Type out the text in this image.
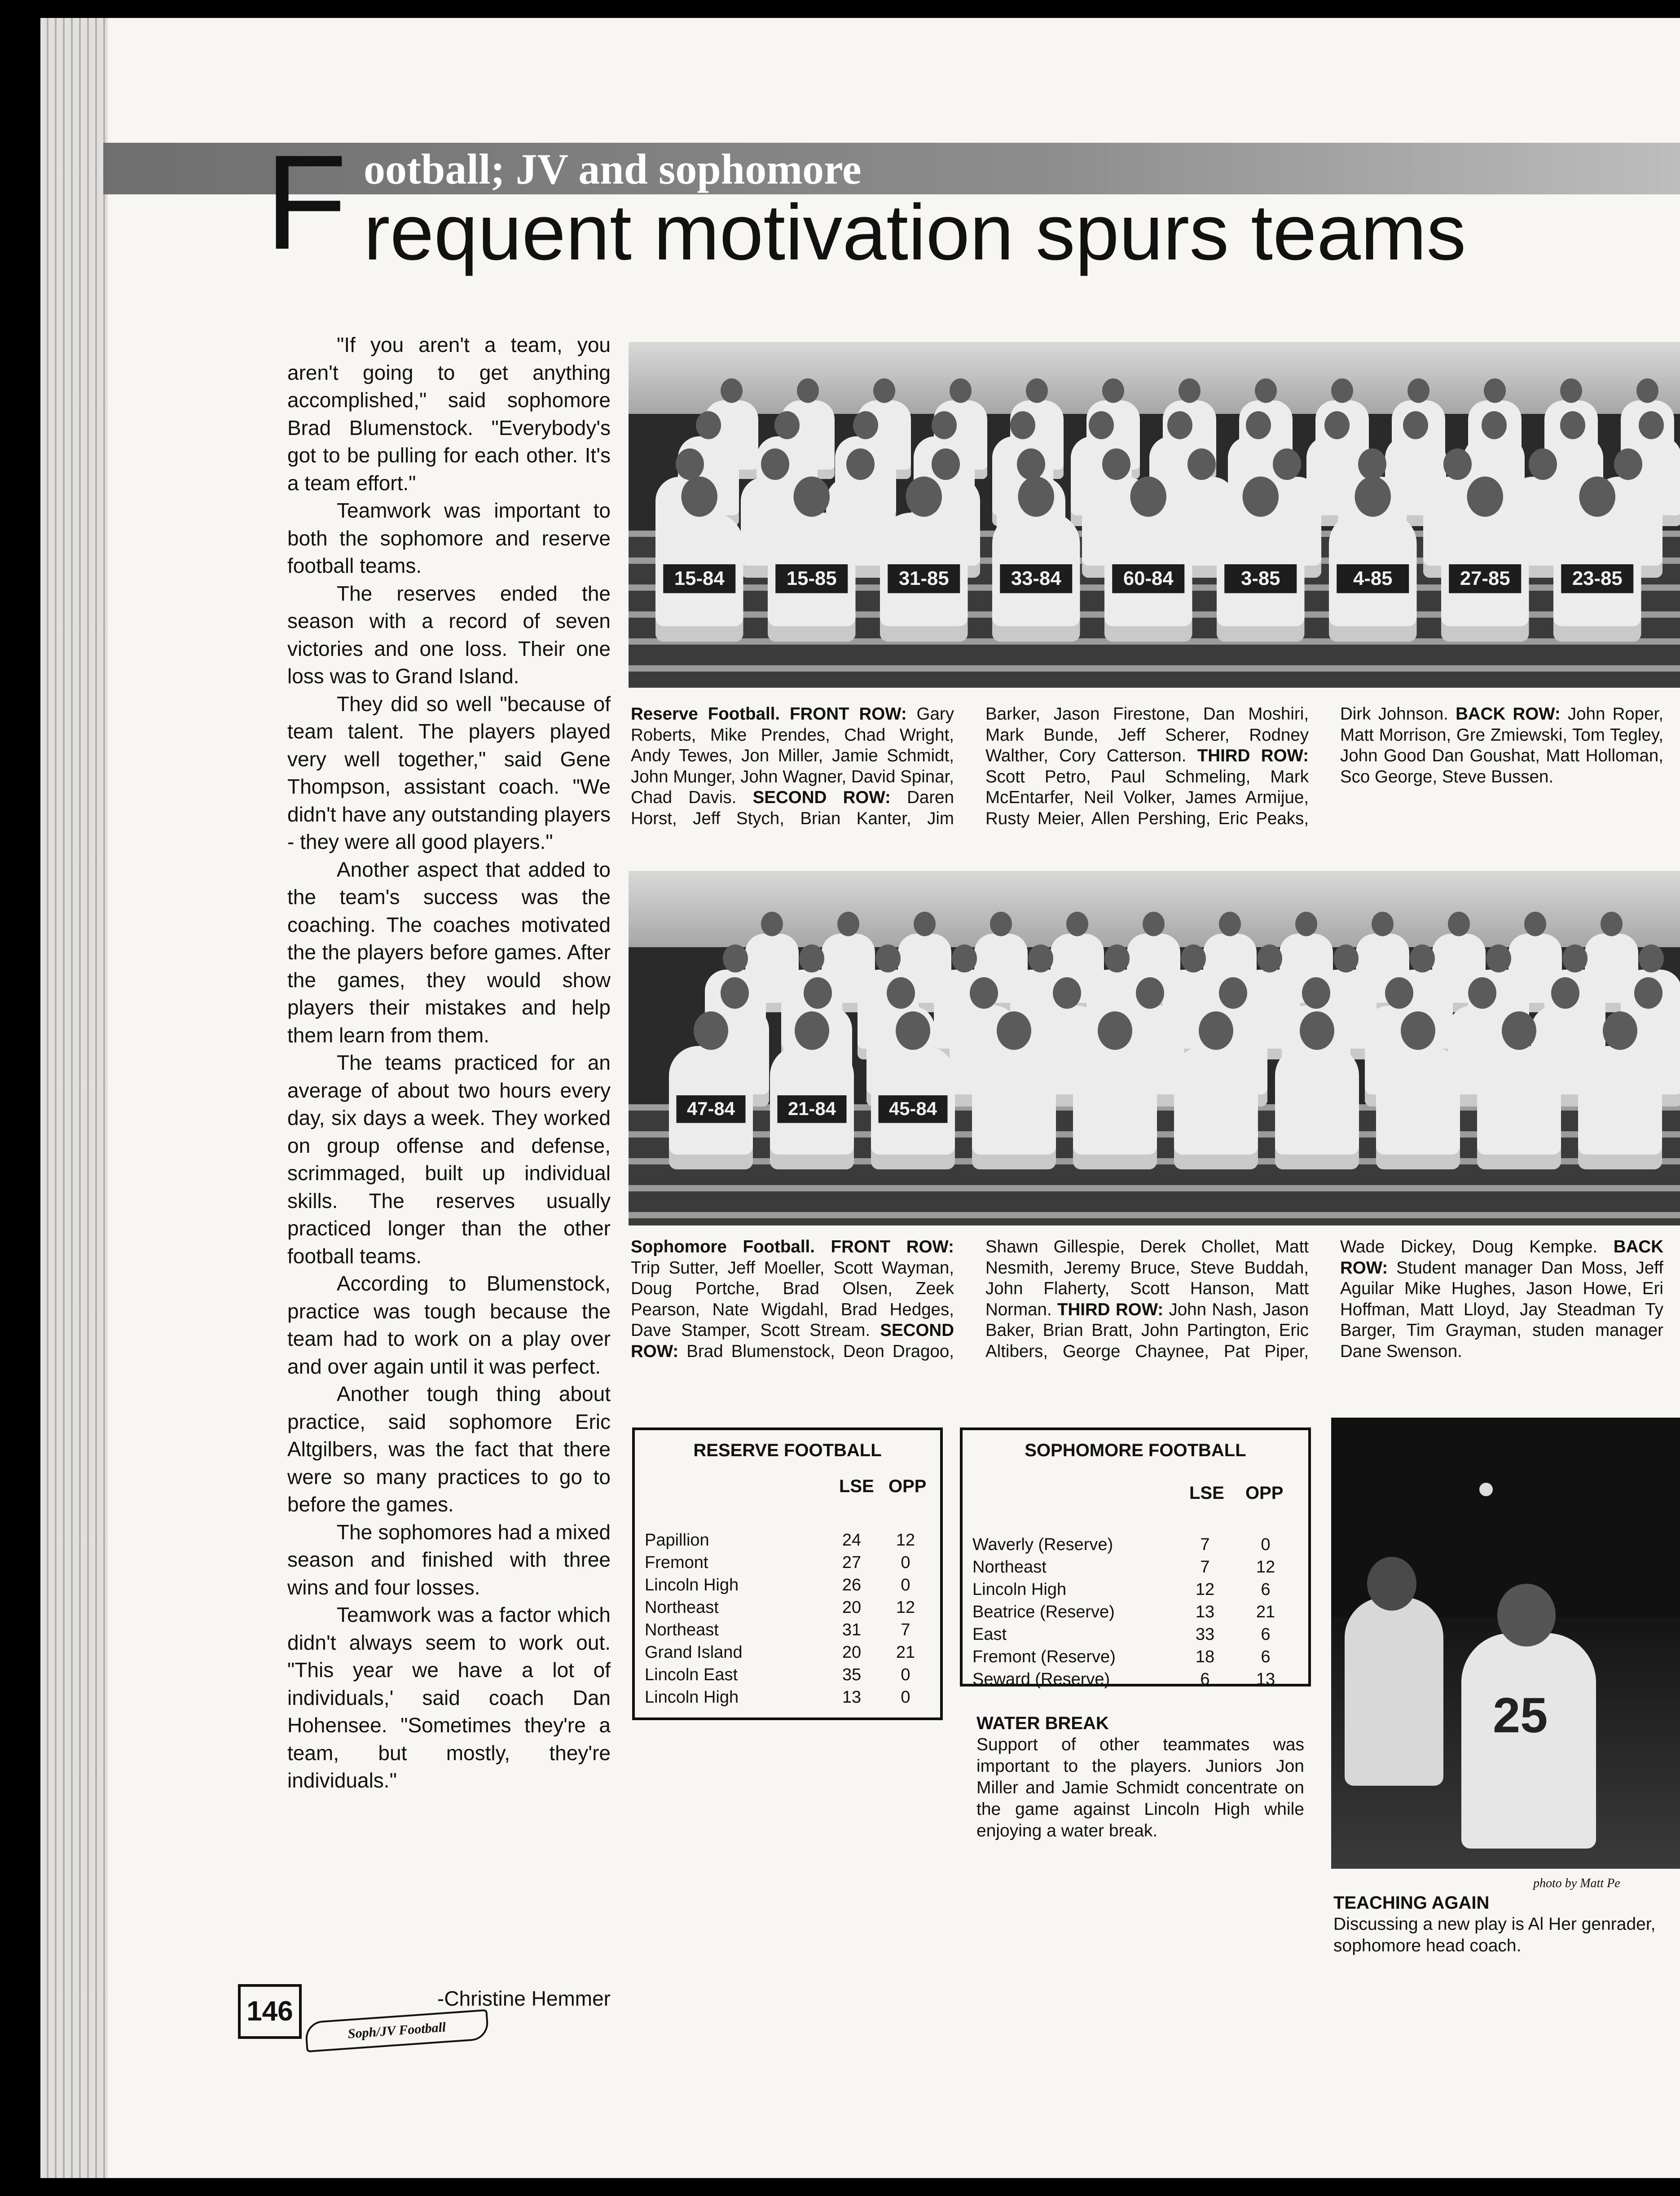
F ootball; JV and sophomore
requent motivation spurs teams

"If you aren't a team, you aren't going to get anything accomplished," said sophomore Brad Blumenstock. "Everybody's got to be pulling for each other. It's a team effort."

Teamwork was important to both the sophomore and reserve football teams.

The reserves ended the season with a record of seven victories and one loss. Their one loss was to Grand Island.

They did so well "because of team talent. The players played very well together," said Gene Thompson, assistant coach. "We didn't have any outstanding players - they were all good players."

Another aspect that added to the team's success was the coaching. The coaches motivated the the players before games. After the games, they would show players their mistakes and help them learn from them.

The teams practiced for an average of about two hours every day, six days a week. They worked on group offense and defense, scrimmaged, built up individual skills. The reserves usually practiced longer than the other football teams.

According to Blumenstock, practice was tough because the team had to work on a play over and over again until it was perfect.

Another tough thing about practice, said sophomore Eric Altgilbers, was the fact that there were so many practices to go to before the games.

The sophomores had a mixed season and finished with three wins and four losses.

Teamwork was a factor which didn't always seem to work out. "This year we have a lot of individuals,' said coach Dan Hohensee. "Sometimes they're a team, but mostly, they're individuals."

-Christine Hemmer
146
Soph/JV Football
15-84	15-85	31-85	33-84	60-84	3-85	4-85	27-85	23-85
Reserve Football. FRONT ROW: Gary Roberts, Mike Prendes, Chad Wright, Andy Tewes, Jon Miller, Jamie Schmidt, John Munger, John Wagner, David Spinar, Chad Davis. SECOND ROW: Daren Horst, Jeff Stych, Brian Kanter, Jim Barker, Jason Firestone, Dan Moshiri, Mark Bunde, Jeff Scherer, Rodney Walther, Cory Catterson. THIRD ROW: Scott Petro, Paul Schmeling, Mark McEntarfer, Neil Volker, James Armijue, Rusty Meier, Allen Pershing, Eric Peaks, Dirk Johnson. BACK ROW: John Roper, Matt Morrison, Gre Zmiewski, Tom Tegley, John Good Dan Goushat, Matt Holloman, Sco George, Steve Bussen.
47-84	21-84	45-84
Sophomore Football. FRONT ROW: Trip Sutter, Jeff Moeller, Scott Wayman, Doug Portche, Brad Olsen, Zeek Pearson, Nate Wigdahl, Brad Hedges, Dave Stamper, Scott Stream. SECOND ROW: Brad Blumenstock, Deon Dragoo, Shawn Gillespie, Derek Chollet, Matt Nesmith, Jeremy Bruce, Steve Buddah, John Flaherty, Scott Hanson, Matt Norman. THIRD ROW: John Nash, Jason Baker, Brian Bratt, John Partington, Eric Altibers, George Chaynee, Pat Piper, Wade Dickey, Doug Kempke. BACK ROW: Student manager Dan Moss, Jeff Aguilar Mike Hughes, Jason Howe, Eri Hoffman, Matt Lloyd, Jay Steadman Ty Barger, Tim Grayman, studen manager Dane Swenson.
RESERVE FOOTBALL
LSE OPP
Papillion	24	12
Fremont	27	0
Lincoln High	26	0
Northeast	20	12
Northeast	31	7
Grand Island	20	21
Lincoln East	35	0
Lincoln High	13	0
SOPHOMORE FOOTBALL
LSE OPP
Waverly (Reserve)	7	0
Northeast	7	12
Lincoln High	12	6
Beatrice (Reserve)	13	21
East	33	6
Fremont (Reserve)	18	6
Seward (Reserve)	6	13
WATER BREAK
Support of other teammates was important to the players. Juniors Jon Miller and Jamie Schmidt concentrate on the game against Lincoln High while enjoying a water break.
25
photo by Matt Pe
TEACHING AGAIN
Discussing a new play is Al Her genrader, sophomore head coach.
